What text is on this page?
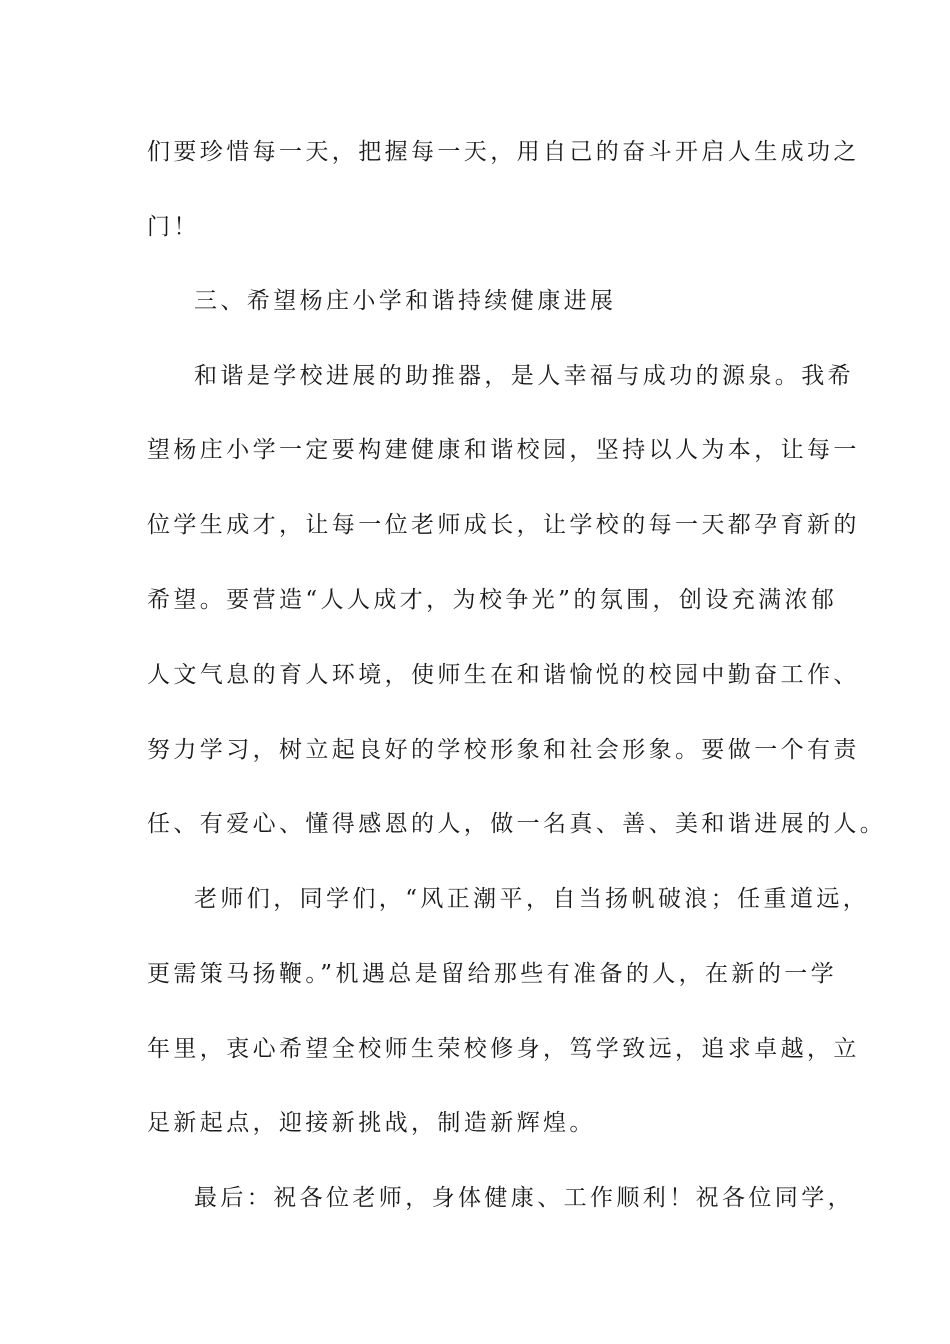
们要珍惜每一天，把握每一天，用自己的奋斗开启人生成功之
门！
三、希望杨庄小学和谐持续健康进展
和谐是学校进展的助推器，是人幸福与成功的源泉。我希
望杨庄小学一定要构建健康和谐校园，坚持以人为本，让每一
位学生成才，让每一位老师成长，让学校的每一天都孕育新的
希望。要营造“人人成才，为校争光”的氛围，创设充满浓郁
人文气息的育人环境，使师生在和谐愉悦的校园中勤奋工作、
努力学习，树立起良好的学校形象和社会形象。要做一个有责
任、有爱心、懂得感恩的人，做一名真、善、美和谐进展的人。
老师们，同学们，“风正潮平，自当扬帆破浪；任重道远，
更需策马扬鞭。”机遇总是留给那些有准备的人，在新的一学
年里，衷心希望全校师生荣校修身，笃学致远，追求卓越，立
足新起点，迎接新挑战，制造新辉煌。
最后：祝各位老师，身体健康、工作顺利！祝各位同学，
